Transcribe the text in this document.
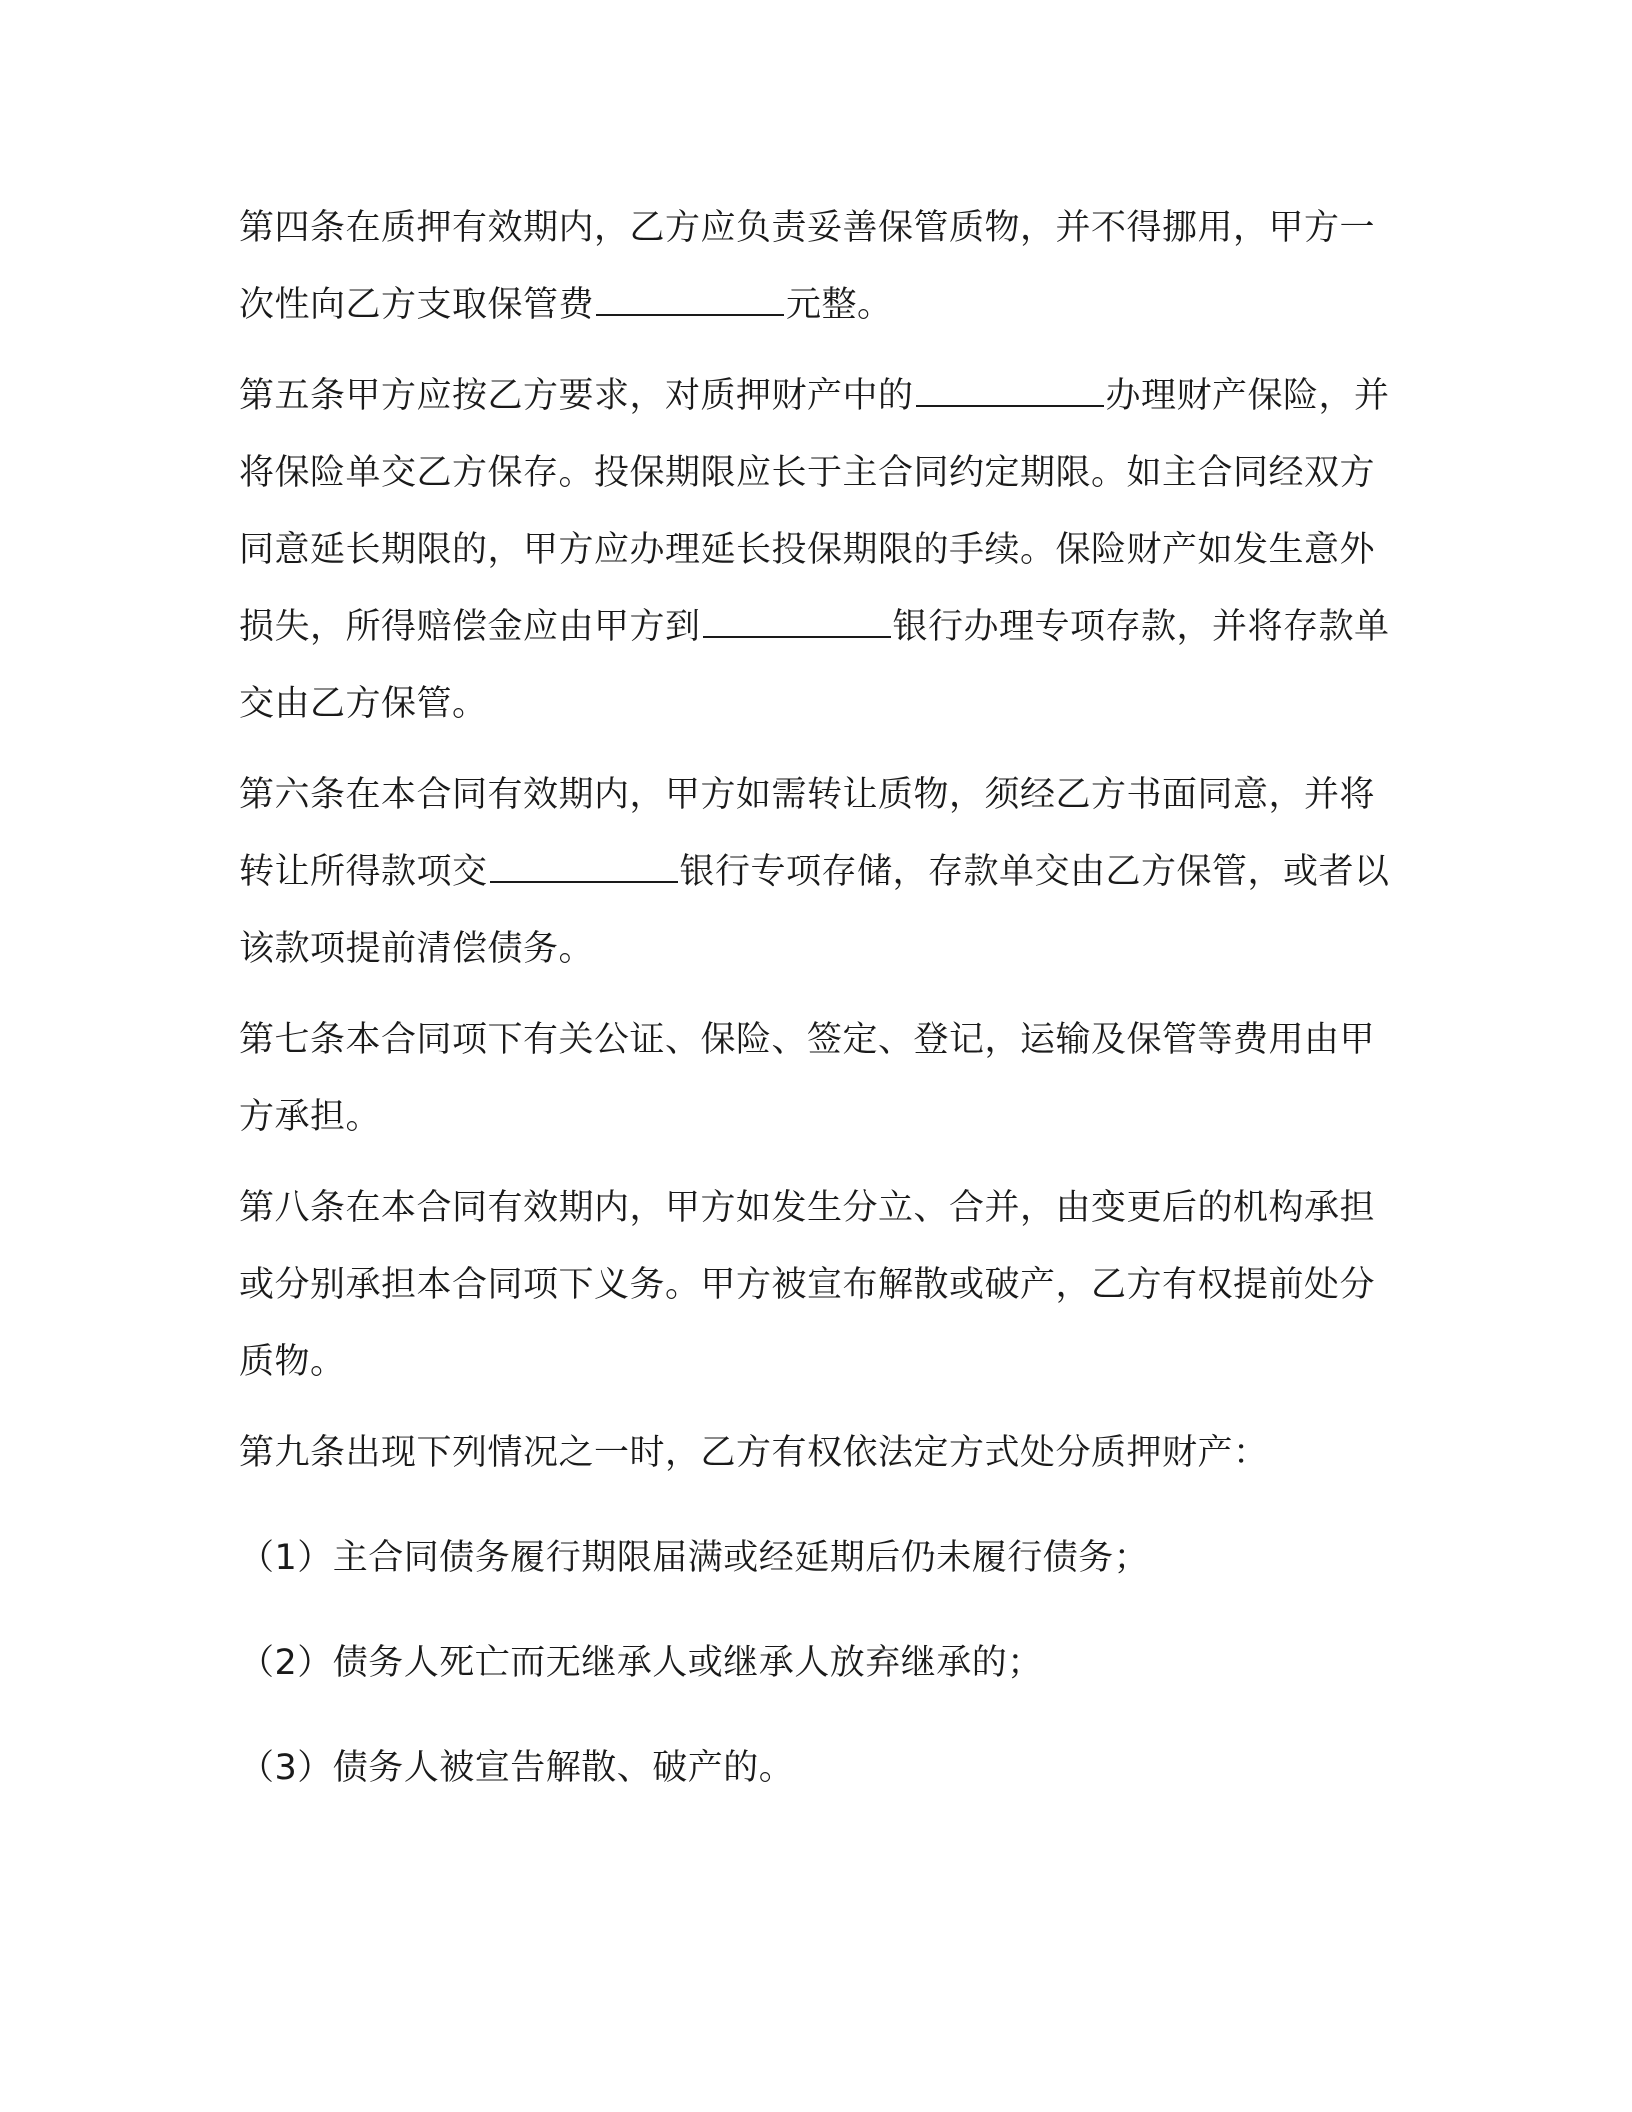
第四条在质押有效期内，乙方应负责妥善保管质物，并不得挪用，甲方一次性向乙方支取保管费	元整。

第五条甲方应按乙方要求，对质押财产中的	办理财产保险，并将保险单交乙方保存。投保期限应长于主合同约定期限。如主合同经双方同意延长期限的，甲方应办理延长投保期限的手续。保险财产如发生意外损失，所得赔偿金应由甲方到	银行办理专项存款，并将存款单交由乙方保管。

第六条在本合同有效期内，甲方如需转让质物，须经乙方书面同意，并将转让所得款项交	银行专项存储，存款单交由乙方保管，或者以该款项提前清偿债务。

第七条本合同项下有关公证、保险、签定、登记，运输及保管等费用由甲方承担。

第八条在本合同有效期内，甲方如发生分立、合并，由变更后的机构承担或分别承担本合同项下义务。甲方被宣布解散或破产，乙方有权提前处分质物。

第九条出现下列情况之一时，乙方有权依法定方式处分质押财产：

（1）主合同债务履行期限届满或经延期后仍未履行债务；

（2）债务人死亡而无继承人或继承人放弃继承的；

（3）债务人被宣告解散、破产的。
